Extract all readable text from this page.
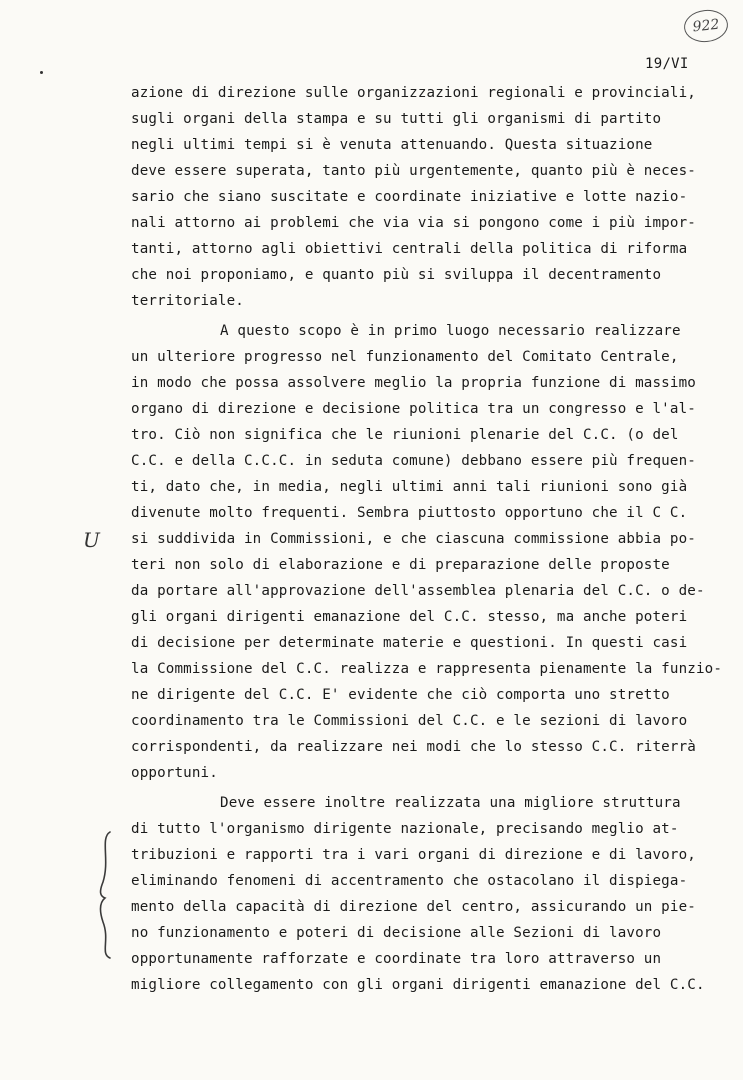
922
19/VI
U
azione di direzione sulle organizzazioni regionali e provinciali,
sugli organi della stampa e su tutti gli organismi di partito
negli ultimi tempi si è venuta attenuando. Questa situazione
deve essere superata, tanto più urgentemente, quanto più è neces-
sario che siano suscitate e coordinate iniziative e lotte nazio-
nali attorno ai problemi che via via si pongono come i più impor-
tanti, attorno agli obiettivi centrali della politica di riforma
che noi proponiamo, e quanto più si sviluppa il decentramento
territoriale.
A questo scopo è in primo luogo necessario realizzare
un ulteriore progresso nel funzionamento del Comitato Centrale,
in modo che possa assolvere meglio la propria funzione di massimo
organo di direzione e decisione politica tra un congresso e l'al-
tro. Ciò non significa che le riunioni plenarie del C.C. (o del
C.C. e della C.C.C. in seduta comune) debbano essere più frequen-
ti, dato che, in media, negli ultimi anni tali riunioni sono già
divenute molto frequenti. Sembra piuttosto opportuno che il C C.
si suddivida in Commissioni, e che ciascuna commissione abbia po-
teri non solo di elaborazione e di preparazione delle proposte
da portare all'approvazione dell'assemblea plenaria del C.C. o de-
gli organi dirigenti emanazione del C.C. stesso, ma anche poteri
di decisione per determinate materie e questioni. In questi casi
la Commissione del C.C. realizza e rappresenta pienamente la funzio-
ne dirigente del C.C. E' evidente che ciò comporta uno stretto
coordinamento tra le Commissioni del C.C. e le sezioni di lavoro
corrispondenti, da realizzare nei modi che lo stesso C.C. riterrà
opportuni.
Deve essere inoltre realizzata una migliore struttura
di tutto l'organismo dirigente nazionale, precisando meglio at-
tribuzioni e rapporti tra i vari organi di direzione e di lavoro,
eliminando fenomeni di accentramento che ostacolano il dispiega-
mento della capacità di direzione del centro, assicurando un pie-
no funzionamento e poteri di decisione alle Sezioni di lavoro
opportunamente rafforzate e coordinate tra loro attraverso un
migliore collegamento con gli organi dirigenti emanazione del C.C.
